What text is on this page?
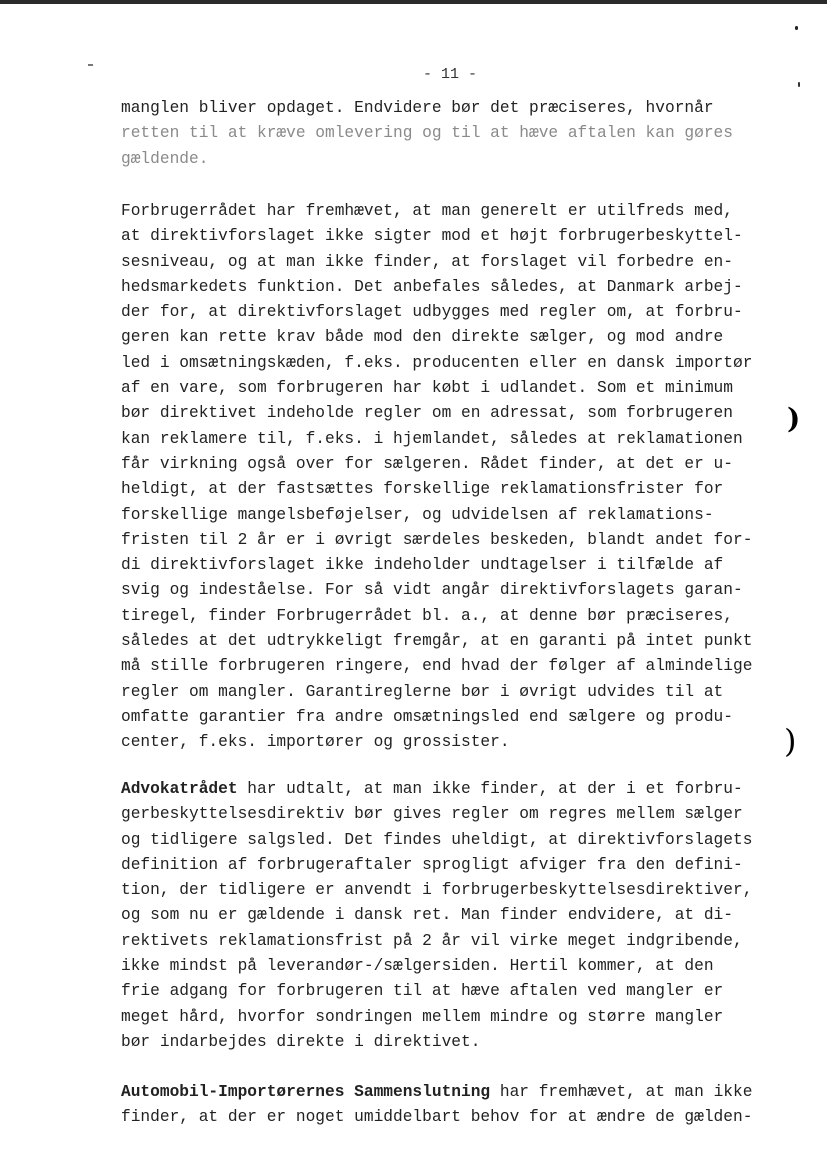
- 11 -
manglen bliver opdaget. Endvidere bør det præciseres, hvornår
retten til at kræve omlevering og til at hæve aftalen kan gøres
gældende.
Forbrugerrådet har fremhævet, at man generelt er utilfreds med,
at direktivforslaget ikke sigter mod et højt forbrugerbeskyttel-
sesniveau, og at man ikke finder, at forslaget vil forbedre en-
hedsmarkedets funktion. Det anbefales således, at Danmark arbej-
der for, at direktivforslaget udbygges med regler om, at forbru-
geren kan rette krav både mod den direkte sælger, og mod andre
led i omsætningskæden, f.eks. producenten eller en dansk importør
af en vare, som forbrugeren har købt i udlandet. Som et minimum
bør direktivet indeholde regler om en adressat, som forbrugeren
kan reklamere til, f.eks. i hjemlandet, således at reklamationen
får virkning også over for sælgeren. Rådet finder, at det er u-
heldigt, at der fastsættes forskellige reklamationsfrister for
forskellige mangelsbeføjelser, og udvidelsen af reklamations-
fristen til 2 år er i øvrigt særdeles beskeden, blandt andet for-
di direktivforslaget ikke indeholder undtagelser i tilfælde af
svig og indeståelse. For så vidt angår direktivforslagets garan-
tiregel, finder Forbrugerrådet bl. a., at denne bør præciseres,
således at det udtrykkeligt fremgår, at en garanti på intet punkt
må stille forbrugeren ringere, end hvad der følger af almindelige
regler om mangler. Garantireglerne bør i øvrigt udvides til at
omfatte garantier fra andre omsætningsled end sælgere og produ-
center, f.eks. importører og grossister.
Advokatrådet har udtalt, at man ikke finder, at der i et forbru-
gerbeskyttelsesdirektiv bør gives regler om regres mellem sælger
og tidligere salgsled. Det findes uheldigt, at direktivforslagets
definition af forbrugeraftaler sprogligt afviger fra den defini-
tion, der tidligere er anvendt i forbrugerbeskyttelsesdirektiver,
og som nu er gældende i dansk ret. Man finder endvidere, at di-
rektivets reklamationsfrist på 2 år vil virke meget indgribende,
ikke mindst på leverandør-/sælgersiden. Hertil kommer, at den
frie adgang for forbrugeren til at hæve aftalen ved mangler er
meget hård, hvorfor sondringen mellem mindre og større mangler
bør indarbejdes direkte i direktivet.
Automobil-Importørernes Sammenslutning har fremhævet, at man ikke
finder, at der er noget umiddelbart behov for at ændre de gælden-
)
)
